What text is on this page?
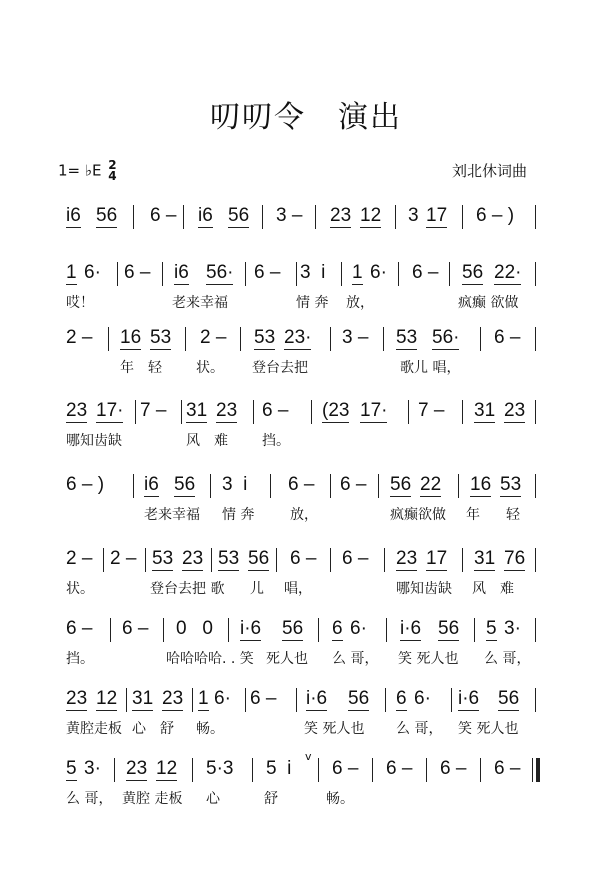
叨叨令　演出
1= ♭E 2
4	刘北休词曲
i6 56 6 – i6 56 3 – 23 12 3 17 6 – )
1 6· 6 – i6 56· 6 – 3  i 1 6· 6 – 56 22·
哎！	老来幸福	情 奔 放，	疯癫 欲做
2 – 16 53 2 – 53 23· 3 – 53 56· 6 –
年 轻 状。 登台去把	歌儿 唱，
23 17· 7 – 31 23 6 – (23 17· 7 – 31 23
哪知齿缺	风 难 挡。
6 – ) i6 56 3  i 6 – 6 – 56 22 16 53
老来幸福 情 奔	放，	疯癫欲做 年 轻
2 – 2 – 53 23 53 56 6 – 6 – 23 17 31 76
状。	登台去把 歌 儿 唱，	哪知齿缺 风 难
6 – 6 – 0   0 i·6 56 6 6· i·6 56 5 3·
挡。	哈哈哈哈. . 笑 死人也 么 哥， 笑 死人也 么 哥，
23 12 31 23 1 6· 6 – i·6 56 6 6· i·6 56
黄腔走板 心 舒 畅。	笑 死人也 么 哥， 笑 死人也
5 3· 23 12 5·3 5  i 6 – 6 – 6 – 6 –
v
么 哥， 黄腔 走板 心	舒	畅。
